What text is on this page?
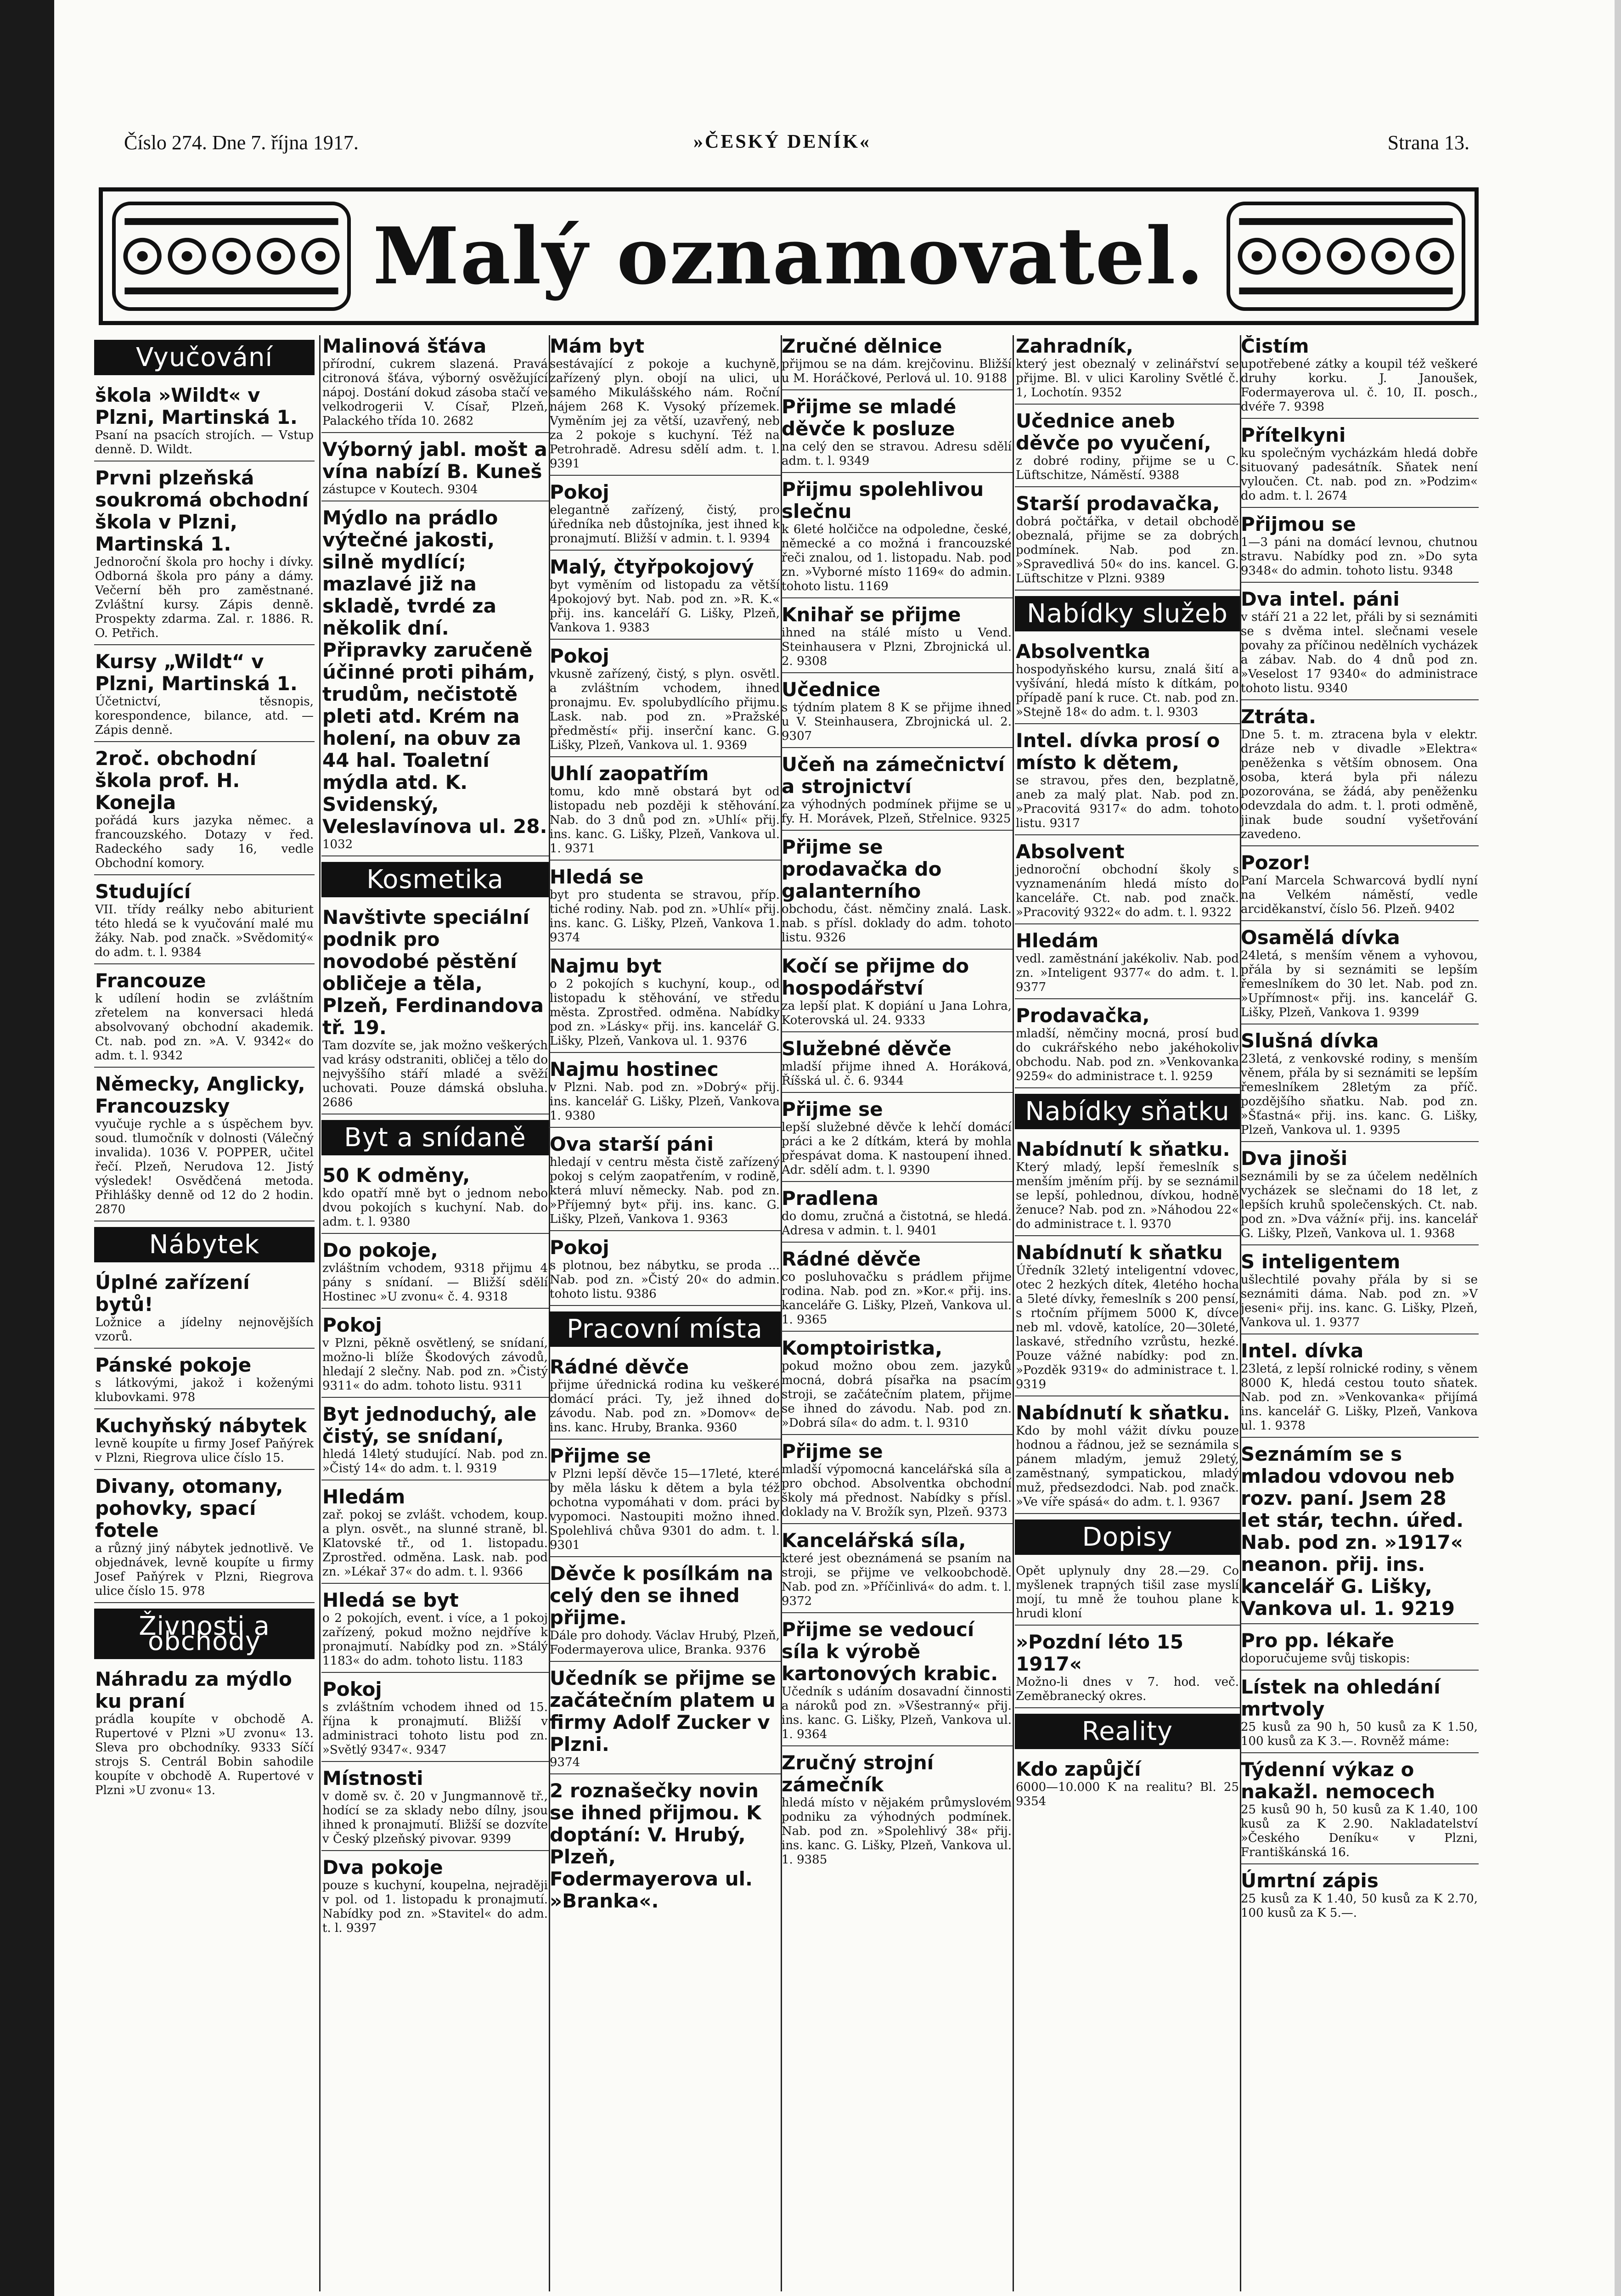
Číslo 274. Dne 7. října 1917.	»ČESKÝ DENÍK«	Strana 13.
Malý oznamovatel.
Vyučování
škola »Wildt« v Plzni, Martinská 1.
Psaní na psacích strojích. — Vstup denně. D. Wildt.
Prvni plzeňská soukromá obchodní škola v Plzni, Martinská 1.
Jednoroční škola pro hochy i dívky. Odborná škola pro pány a dámy. Večerní běh pro zaměstnané. Zvláštní kursy. Zápis denně. Prospekty zdarma. Zal. r. 1886. R. O. Petřich.
Kursy „Wildt“ v Plzni, Martinská 1.
Účetnictví, těsnopis, korespondence, bilance, atd. — Zápis denně.
2roč. obchodní škola prof. H. Konejla
pořádá kurs jazyka němec. a francouzského. Dotazy v řed. Radeckého sady 16, vedle Obchodní komory.
Studující
VII. třídy reálky nebo abiturient této hledá se k vyučování malé mu žáky. Nab. pod značk. »Svědomitý« do adm. t. l. 9384
Francouze
k udílení hodin se zvláštním zřetelem na konversaci hledá absolvovaný obchodní akademik. Ct. nab. pod zn. »A. V. 9342« do adm. t. l. 9342
Německy, Anglicky, Francouzsky
vyučuje rychle a s úspěchem byv. soud. tlumočník v dolnosti (Válečný invalida). 1036 V. POPPER, učitel řečí. Plzeň, Nerudova 12. Jistý výsledek! Osvědčená metoda. Přihlášky denně od 12 do 2 hodin. 2870
Nábytek
Úplné zařízení bytů!
Ložnice a jídelny nejnovějších vzorů.
Pánské pokoje
s látkovými, jakož i koženými klubovkami. 978
Kuchyňský nábytek
levně koupíte u firmy Josef Paňýrek v Plzni, Riegrova ulice číslo 15.
Divany, otomany, pohovky, spací fotele
a různý jiný nábytek jednotlivě. Ve objednávek, levně koupíte u firmy Josef Paňýrek v Plzni, Riegrova ulice číslo 15. 978
Živnosti a obchody
Náhradu za mýdlo ku praní
prádla koupíte v obchodě A. Rupertové v Plzni »U zvonu« 13. Sleva pro obchodníky. 9333 Síčí strojs S. Centrál Bobin sahodile koupíte v obchodě A. Rupertové v Plzni »U zvonu« 13.
Malinová šťáva
přírodní, cukrem slazená. Pravá citronová šťáva, výborný osvěžující nápoj. Dostání dokud zásoba stačí ve velkodrogerii V. Císař, Plzeň, Palackého třída 10. 2682
Výborný jabl. mošt a vína nabízí B. Kuneš
zástupce v Koutech. 9304
Mýdlo na prádlo výtečné jakosti, silně mydlící; mazlavé již na skladě, tvrdé za několik dní. Připravky zaručeně účinné proti pihám, trudům, nečistotě pleti atd. Krém na holení, na obuv za 44 hal. Toaletní mýdla atd. K. Svidenský, Veleslavínova ul. 28.
1032
Kosmetika
Navštivte speciální podnik pro novodobé pěstění obličeje a těla, Plzeň, Ferdinandova tř. 19.
Tam dozvíte se, jak možno veškerých vad krásy odstraniti, obličej a tělo do nejvyššího stáří mladé a svěží uchovati. Pouze dámská obsluha. 2686
Byt a snídaně
50 K odměny,
kdo opatří mně byt o jednom nebo dvou pokojích s kuchyní. Nab. do adm. t. l. 9380
Do pokoje,
zvláštním vchodem, 9318 přijmu 4 pány s snídaní. — Bližší sdělí Hostinec »U zvonu« č. 4. 9318
Pokoj
v Plzni, pěkně osvětlený, se snídaní, možno-li blíže Škodových závodů, hledají 2 slečny. Nab. pod zn. »Čistý 9311« do adm. tohoto listu. 9311
Byt jednoduchý, ale čistý, se snídaní,
hledá 14letý studující. Nab. pod zn. »Čistý 14« do adm. t. l. 9319
Hledám
zař. pokoj se zvlášt. vchodem, koup. a plyn. osvět., na slunné straně, bl. Klatovské tř., od 1. listopadu. Zprostřed. odměna. Lask. nab. pod zn. »Lékař 37« do adm. t. l. 9366
Hledá se byt
o 2 pokojích, event. i více, a 1 pokoj zařízený, pokud možno nejdříve k pronajmutí. Nabídky pod zn. »Stálý 1183« do adm. tohoto listu. 1183
Pokoj
s zvláštním vchodem ihned od 15. října k pronajmutí. Bližší v administraci tohoto listu pod zn. »Světlý 9347«. 9347
Místnosti
v domě sv. č. 20 v Jungmannově tř., hodící se za sklady nebo dílny, jsou ihned k pronajmutí. Bližší se dozvíte v Český plzeňský pivovar. 9399
Dva pokoje
pouze s kuchyní, koupelna, nejraději v pol. od 1. listopadu k pronajmutí. Nabídky pod zn. »Stavitel« do adm. t. l. 9397
Mám byt
sestávající z pokoje a kuchyně, zařízený plyn. obojí na ulici, u samého Mikulášského nám. Roční nájem 268 K. Vysoký přízemek. Vyměním jej za větší, uzavřený, neb za 2 pokoje s kuchyní. Též na Petrohradě. Adresu sdělí adm. t. l. 9391
Pokoj
elegantně zařízený, čistý, pro úředníka neb důstojníka, jest ihned k pronajmutí. Bližší v admin. t. l. 9394
Malý, čtyřpokojový
byt vyměním od listopadu za větší 4pokojový byt. Nab. pod zn. »R. K.« přij. ins. kanceláří G. Lišky, Plzeň, Vankova 1. 9383
Pokoj
vkusně zařízený, čistý, s plyn. osvětl. a zvláštním vchodem, ihned pronajmu. Ev. spolubydlícího přijmu. Lask. nab. pod zn. »Pražské předměstí« přij. inserční kanc. G. Lišky, Plzeň, Vankova ul. 1. 9369
Uhlí zaopatřím
tomu, kdo mně obstará byt od listopadu neb později k stěhování. Nab. do 3 dnů pod zn. »Uhlí« přij. ins. kanc. G. Lišky, Plzeň, Vankova ul. 1. 9371
Hledá se
byt pro studenta se stravou, příp. tiché rodiny. Nab. pod zn. »Uhlí« přij. ins. kanc. G. Lišky, Plzeň, Vankova 1. 9374
Najmu byt
o 2 pokojích s kuchyní, koup., od listopadu k stěhování, ve středu města. Zprostřed. odměna. Nabídky pod zn. »Lásky« přij. ins. kancelář G. Lišky, Plzeň, Vankova ul. 1. 9376
Najmu hostinec
v Plzni. Nab. pod zn. »Dobrý« přij. ins. kancelář G. Lišky, Plzeň, Vankova 1. 9380
Ova starší páni
hledají v centru města čistě zařízený pokoj s celým zaopatřením, v rodině, která mluví německy. Nab. pod zn. »Příjemný byt« přij. ins. kanc. G. Lišky, Plzeň, Vankova 1. 9363
Pokoj
s plotnou, bez nábytku, se proda ... Nab. pod zn. »Čistý 20« do admin. tohoto listu. 9386
Pracovní místa
Rádné děvče
přijme úřednická rodina ku veškeré domácí práci. Ty, jež ihned do závodu. Nab. pod zn. »Domov« de ins. kanc. Hruby, Branka. 9360
Přijme se
v Plzni lepší děvče 15—17leté, které by měla lásku k dětem a byla též ochotna vypomáhati v dom. práci by vypomoci. Nastoupiti možno ihned. Spolehlivá chůva 9301 do adm. t. l. 9301
Děvče k posílkám na celý den se ihned přijme.
Dále pro dohody. Václav Hrubý, Plzeň, Fodermayerova ulice, Branka. 9376
Učedník se přijme se začátečním platem u firmy Adolf Zucker v Plzni.
9374
2 roznašečky novin se ihned přijmou. K doptání: V. Hrubý, Plzeň, Fodermayerova ul. »Branka«.
Zručné dělnice
přijmou se na dám. krejčovinu. Bližší u M. Horáčkové, Perlová ul. 10. 9188
Přijme se mladé děvče k posluze
na celý den se stravou. Adresu sdělí adm. t. l. 9349
Přijmu spolehlivou slečnu
k 6leté holčičce na odpoledne, české, německé a co možná i francouzské řeči znalou, od 1. listopadu. Nab. pod zn. »Vyborné místo 1169« do admin. tohoto listu. 1169
Knihař se přijme
ihned na stálé místo u Vend. Steinhausera v Plzni, Zbrojnická ul. 2. 9308
Učednice
s týdním platem 8 K se přijme ihned u V. Steinhausera, Zbrojnická ul. 2. 9307
Učeň na zámečnictví a strojnictví
za výhodných podmínek přijme se u fy. H. Morávek, Plzeň, Střelnice. 9325
Přijme se prodavačka do galanterního
obchodu, část. němčiny znalá. Lask. nab. s přísl. doklady do adm. tohoto listu. 9326
Kočí se přijme do hospodářství
za lepší plat. K dopiání u Jana Lohra, Koterovská ul. 24. 9333
Služebné děvče
mladší přijme ihned A. Horáková, Říšská ul. č. 6. 9344
Přijme se
lepší služebné děvče k lehčí domácí práci a ke 2 dítkám, která by mohla přespávat doma. K nastoupení ihned. Adr. sdělí adm. t. l. 9390
Pradlena
do domu, zručná a čistotná, se hledá. Adresa v admin. t. l. 9401
Rádné děvče
co posluhovačku s prádlem přijme rodina. Nab. pod zn. »Kor.« přij. ins. kanceláře G. Lišky, Plzeň, Vankova ul. 1. 9365
Komptoiristka,
pokud možno obou zem. jazyků mocná, dobrá písařka na psacím stroji, se začátečním platem, přijme se ihned do závodu. Nab. pod zn. »Dobrá síla« do adm. t. l. 9310
Přijme se
mladší výpomocná kancelářská síla a pro obchod. Absolventka obchodní školy má přednost. Nabídky s přísl. doklady na V. Brožík syn, Plzeň. 9373
Kancelářská síla,
které jest obeznámená se psaním na stroji, se přijme ve velkoobchodě. Nab. pod zn. »Příčinlivá« do adm. t. l. 9372
Přijme se vedoucí síla k výrobě kartonových krabic.
Učedník s udáním dosavadní činnosti a nároků pod zn. »Všestranný« přij. ins. kanc. G. Lišky, Plzeň, Vankova ul. 1. 9364
Zručný strojní zámečník
hledá místo v nějakém průmyslovém podniku za výhodných podmínek. Nab. pod zn. »Spolehlivý 38« přij. ins. kanc. G. Lišky, Plzeň, Vankova ul. 1. 9385
Zahradník,
který jest obeznalý v zelinářství se přijme. Bl. v ulici Karoliny Světlé č. 1, Lochotín. 9352
Učednice aneb děvče po vyučení,
z dobré rodiny, přijme se u C. Lüftschitze, Náměstí. 9388
Starší prodavačka,
dobrá počtářka, v detail obchodě obeznalá, přijme se za dobrých podmínek. Nab. pod zn. »Spravedlivá 50« do ins. kancel. G. Lüftschitze v Plzni. 9389
Nabídky služeb
Absolventka
hospodyňského kursu, znalá šití a vyšívání, hledá místo k dítkám, po případě paní k ruce. Ct. nab. pod zn. »Stejně 18« do adm. t. l. 9303
Intel. dívka prosí o místo k dětem,
se stravou, přes den, bezplatně, aneb za malý plat. Nab. pod zn. »Pracovitá 9317« do adm. tohoto listu. 9317
Absolvent
jednoroční obchodní školy s vyznamenáním hledá místo do kanceláře. Ct. nab. pod značk. »Pracovitý 9322« do adm. t. l. 9322
Hledám
vedl. zaměstnání jakékoliv. Nab. pod zn. »Inteligent 9377« do adm. t. l. 9377
Prodavačka,
mladší, němčiny mocná, prosí bud do cukrářského nebo jakéhokoliv obchodu. Nab. pod zn. »Venkovanka 9259« do administrace t. l. 9259
Nabídky sňatku
Nabídnutí k sňatku.
Který mladý, lepší řemeslník s menším jměním příj. by se seznámil se lepší, pohlednou, dívkou, hodně ženuce? Nab. pod zn. »Náhodou 22« do administrace t. l. 9370
Nabídnutí k sňatku
Úředník 32letý inteligentní vdovec, otec 2 hezkých dítek, 4letého hocha a 5leté dívky, řemeslník s 200 pensí, s rtočním příjmem 5000 K, dívce neb ml. vdově, katolíce, 20—30leté, laskavé, středního vzrůstu, hezké. Pouze vážné nabídky: pod zn. »Pozděk 9319« do administrace t. l. 9319
Nabídnutí k sňatku.
Kdo by mohl vážit dívku pouze hodnou a řádnou, jež se seznámila s pánem mladým, jemuž 29letý, zaměstnaný, sympatickou, mladý muž, předsezdodci. Nab. pod značk. »Ve víře spásá« do adm. t. l. 9367
Dopisy
Opět uplynuly dny 28.—29. Co myšlenek trapných tišil zase myslí mojí, tu mně že touhou plane k hrudi kloní
»Pozdní léto 15 1917«
Možno-li dnes v 7. hod. več. Zeměbranecký okres.
Reality
Kdo zapůjčí
6000—10.000 K na realitu? Bl. 25 9354
Čistím
upotřebené zátky a koupil též veškeré druhy korku. J. Janoušek, Fodermayerova ul. č. 10, II. posch., dvéře 7. 9398
Přítelkyni
ku společným vycházkám hledá dobře situovaný padesátník. Sňatek není vyloučen. Ct. nab. pod zn. »Podzim« do adm. t. l. 2674
Přijmou se
1—3 páni na domácí levnou, chutnou stravu. Nabídky pod zn. »Do syta 9348« do admin. tohoto listu. 9348
Dva intel. páni
v stáří 21 a 22 let, přáli by si seznámiti se s dvěma intel. slečnami vesele povahy za příčinou nedělních vycházek a zábav. Nab. do 4 dnů pod zn. »Veselost 17 9340« do administrace tohoto listu. 9340
Ztráta.
Dne 5. t. m. ztracena byla v elektr. dráze neb v divadle »Elektra« peněženka s větším obnosem. Ona osoba, která byla při nálezu pozorována, se žádá, aby peněženku odevzdala do adm. t. l. proti odměně, jinak bude soudní vyšetřování zavedeno.
Pozor!
Paní Marcela Schwarcová bydlí nyní na Velkém náměstí, vedle arciděkanství, číslo 56. Plzeň. 9402
Osamělá dívka
24letá, s menším věnem a vyhovou, přála by si seznámiti se lepším řemeslníkem do 30 let. Nab. pod zn. »Upřímnost« přij. ins. kancelář G. Lišky, Plzeň, Vankova 1. 9399
Slušná dívka
23letá, z venkovské rodiny, s menším věnem, přála by si seznámiti se lepším řemeslníkem 28letým za příč. pozdějšího sňatku. Nab. pod zn. »Šťastná« přij. ins. kanc. G. Lišky, Plzeň, Vankova ul. 1. 9395
Dva jinoši
seznámili by se za účelem nedělních vycházek se slečnami do 18 let, z lepších kruhů společenských. Ct. nab. pod zn. »Dva vážní« přij. ins. kancelář G. Lišky, Plzeň, Vankova ul. 1. 9368
S inteligentem
ušlechtilé povahy přála by si se seznámiti dáma. Nab. pod zn. »V jeseni« přij. ins. kanc. G. Lišky, Plzeň, Vankova ul. 1. 9377
Intel. dívka
23letá, z lepší rolnické rodiny, s věnem 8000 K, hledá cestou touto sňatek. Nab. pod zn. »Venkovanka« přijímá ins. kancelář G. Lišky, Plzeň, Vankova ul. 1. 9378
Seznámím se s mladou vdovou neb rozv. paní. Jsem 28 let stár, techn. úřed. Nab. pod zn. »1917« neanon. přij. ins. kancelář G. Lišky, Vankova ul. 1. 9219
Pro pp. lékaře
doporučujeme svůj tiskopis:
Lístek na ohledání mrtvoly
25 kusů za 90 h, 50 kusů za K 1.50, 100 kusů za K 3.—. Rovněž máme:
Týdenní výkaz o nakažl. nemocech
25 kusů 90 h, 50 kusů za K 1.40, 100 kusů za K 2.90. Nakladatelství »Českého Deníku« v Plzni, Františkánská 16.
Úmrtní zápis
25 kusů za K 1.40, 50 kusů za K 2.70, 100 kusů za K 5.—.
